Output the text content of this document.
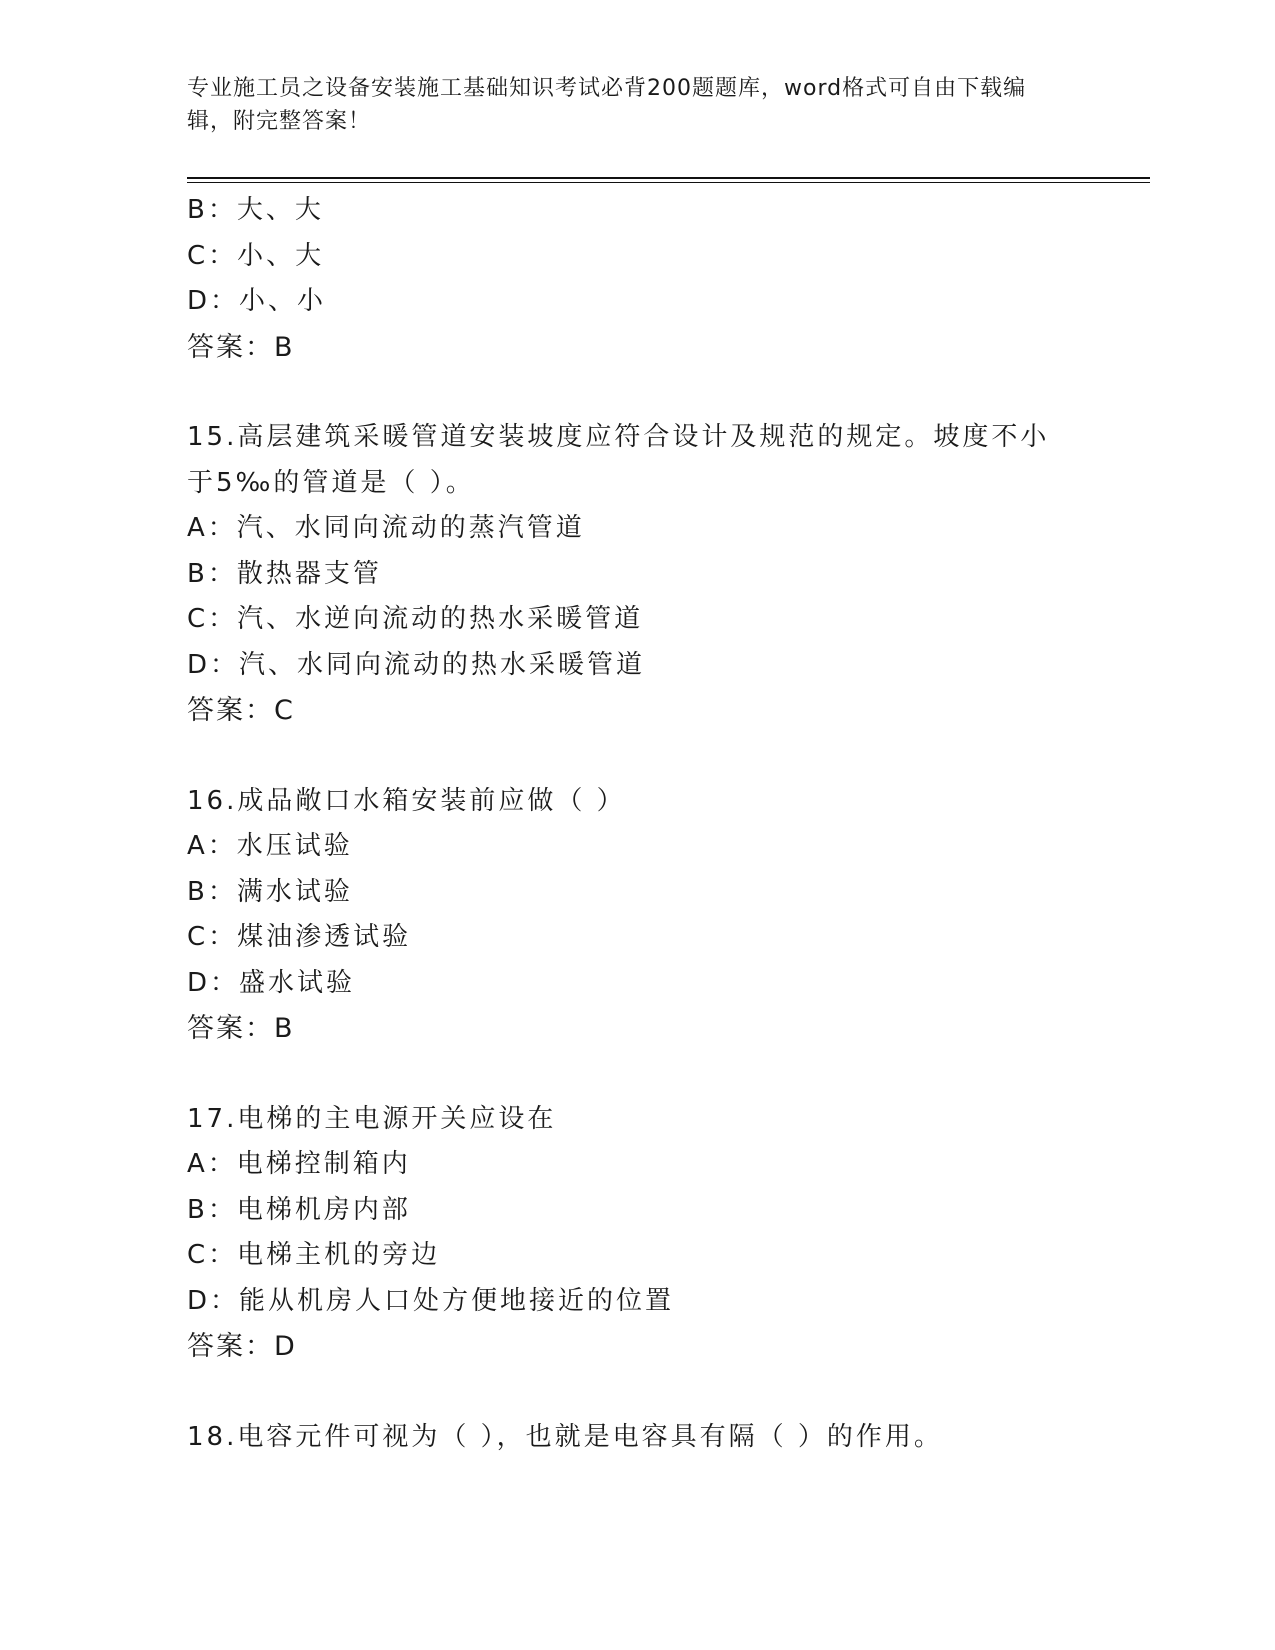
专业施工员之设备安装施工基础知识考试必背200题题库，word格式可自由下载编辑，附完整答案！
B：大、大
C：小、大
D：小、小
答案：B
15.高层建筑采暖管道安装坡度应符合设计及规范的规定。坡度不小于5‰的管道是（ ）。
A：汽、水同向流动的蒸汽管道
B：散热器支管
C：汽、水逆向流动的热水采暖管道
D：汽、水同向流动的热水采暖管道
答案：C
16.成品敞口水箱安装前应做（ ）
A：水压试验
B：满水试验
C：煤油渗透试验
D：盛水试验
答案：B
17.电梯的主电源开关应设在
A：电梯控制箱内
B：电梯机房内部
C：电梯主机的旁边
D：能从机房人口处方便地接近的位置
答案：D
18.电容元件可视为（ ），也就是电容具有隔（ ）的作用。
